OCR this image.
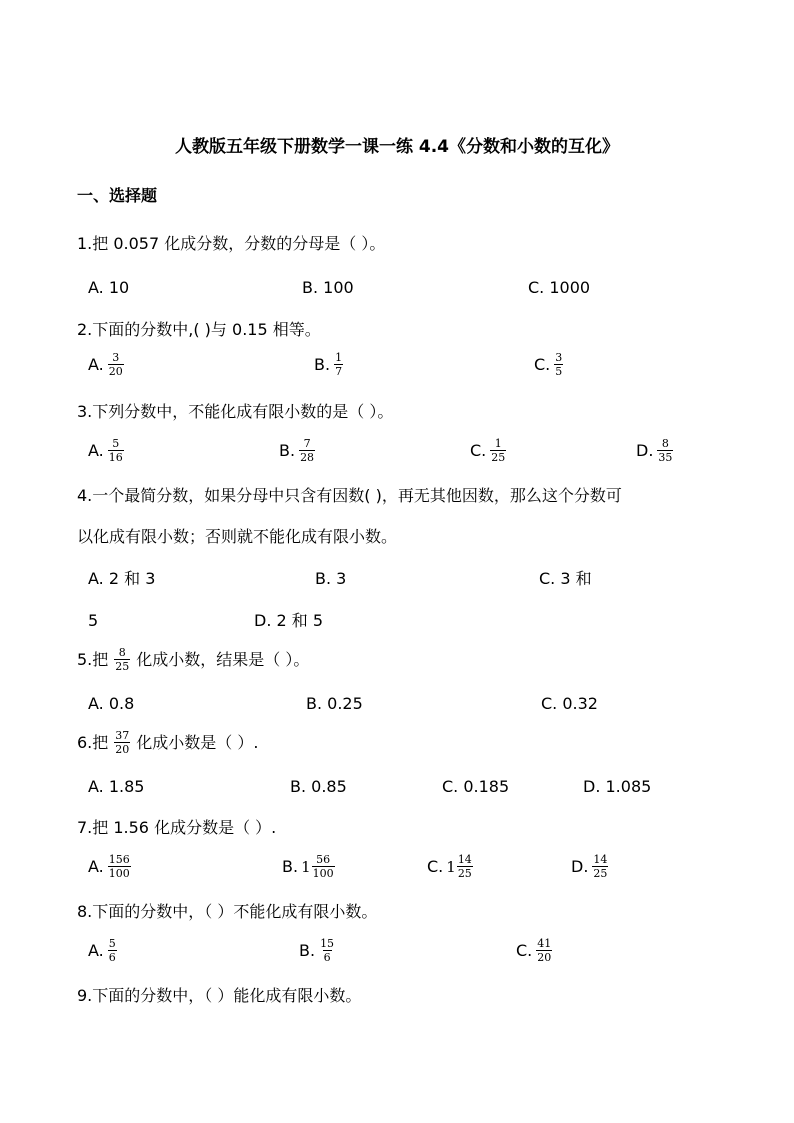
人教版五年级下册数学一课一练 4.4《分数和小数的互化》
一、选择题
1.把 0.057 化成分数，分数的分母是（ ）。
A. 10	B. 100	C. 1000
2.下面的分数中,( )与 0.15 相等。
A. $\frac{3}{20}$	B. $\frac{1}{7}$	C. $\frac{3}{5}$
3.下列分数中，不能化成有限小数的是（ ）。
A. $\frac{5}{16}$	B. $\frac{7}{28}$	C. $\frac{1}{25}$	D. $\frac{8}{35}$
4.一个最简分数，如果分母中只含有因数( )，再无其他因数，那么这个分数可
以化成有限小数；否则就不能化成有限小数。
A. 2 和 3	B. 3	C. 3 和
5	D. 2 和 5
5.把 $\frac{8}{25}$ 化成小数，结果是（ ）。
A. 0.8	B. 0.25	C. 0.32
6.把 $\frac{37}{20}$ 化成小数是（ ）.
A. 1.85	B. 0.85	C. 0.185	D. 1.085
7.把 1.56 化成分数是（ ）.
A. $\frac{156}{100}$	B. $1 \frac{56}{100}$	C. $1 \frac{14}{25}$	D. $\frac{14}{25}$
8.下面的分数中，（ ）不能化成有限小数。
A. $\frac{5}{6}$	B. $\frac{15}{6}$	C. $\frac{41}{20}$
9.下面的分数中，（ ）能化成有限小数。
